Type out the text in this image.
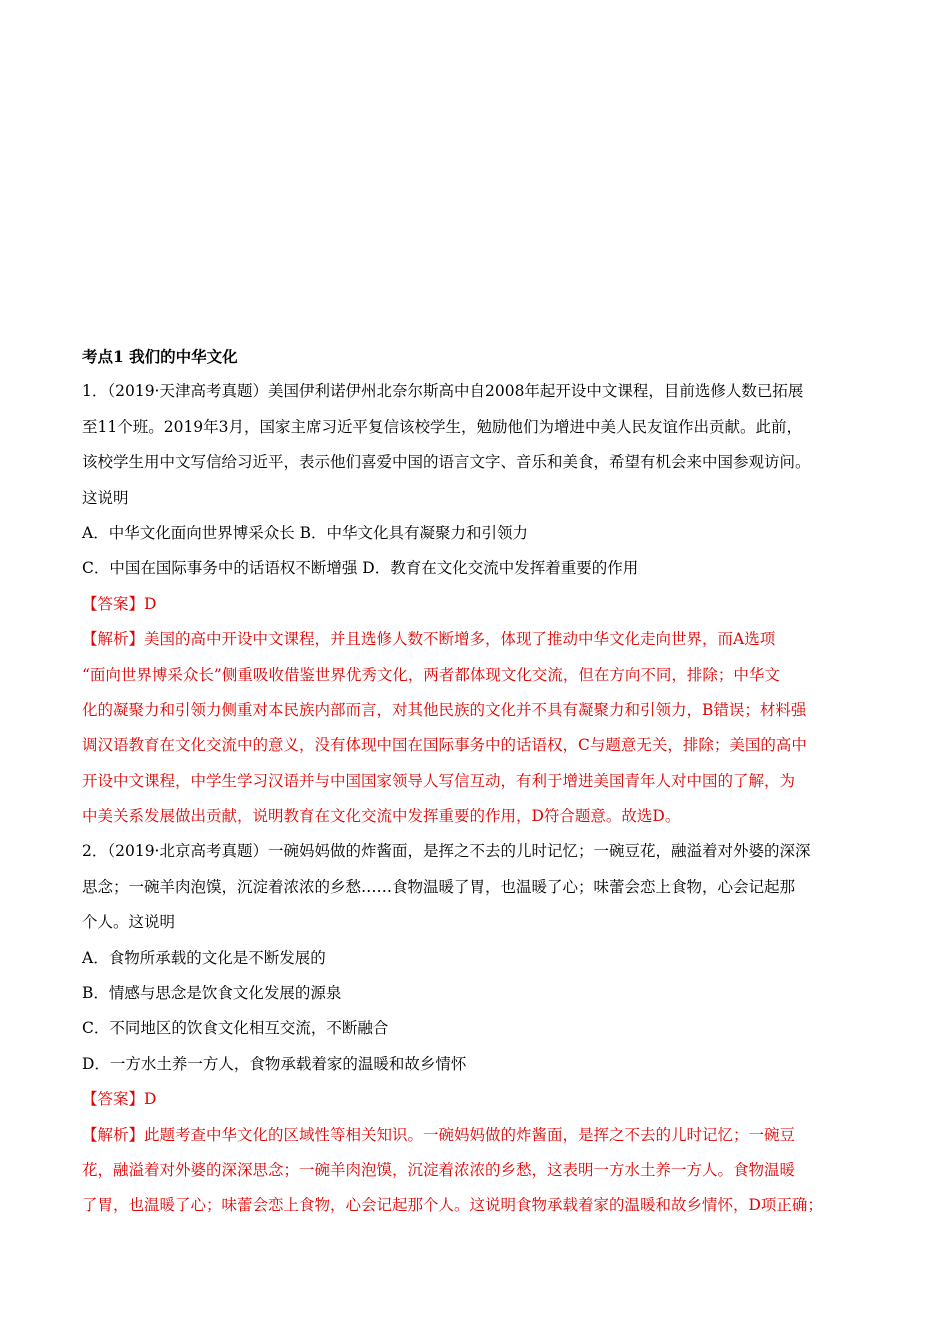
考点1 我们的中华文化
1．（2019·天津高考真题）美国伊利诺伊州北奈尔斯高中自2008年起开设中文课程，目前选修人数已拓展
至11个班。2019年3月，国家主席习近平复信该校学生，勉励他们为增进中美人民友谊作出贡献。此前，
该校学生用中文写信给习近平，表示他们喜爱中国的语言文字、音乐和美食，希望有机会来中国参观访问。
这说明
A．中华文化面向世界博采众长 B．中华文化具有凝聚力和引领力
C．中国在国际事务中的话语权不断增强 D．教育在文化交流中发挥着重要的作用
【答案】D
【解析】美国的高中开设中文课程，并且选修人数不断增多，体现了推动中华文化走向世界，而A选项
“面向世界博采众长”侧重吸收借鉴世界优秀文化，两者都体现文化交流，但在方向不同，排除；中华文
化的凝聚力和引领力侧重对本民族内部而言，对其他民族的文化并不具有凝聚力和引领力，B错误；材料强
调汉语教育在文化交流中的意义，没有体现中国在国际事务中的话语权，C与题意无关，排除；美国的高中
开设中文课程，中学生学习汉语并与中国国家领导人写信互动，有利于增进美国青年人对中国的了解，为
中美关系发展做出贡献，说明教育在文化交流中发挥重要的作用，D符合题意。故选D。
2．（2019·北京高考真题）一碗妈妈做的炸酱面，是挥之不去的儿时记忆；一碗豆花，融溢着对外婆的深深
思念；一碗羊肉泡馍，沉淀着浓浓的乡愁……食物温暖了胃，也温暖了心；味蕾会恋上食物，心会记起那
个人。这说明
A．食物所承载的文化是不断发展的
B．情感与思念是饮食文化发展的源泉
C．不同地区的饮食文化相互交流，不断融合
D．一方水土养一方人，食物承载着家的温暖和故乡情怀
【答案】D
【解析】此题考查中华文化的区域性等相关知识。一碗妈妈做的炸酱面，是挥之不去的儿时记忆；一碗豆
花，融溢着对外婆的深深思念；一碗羊肉泡馍，沉淀着浓浓的乡愁，这表明一方水土养一方人。食物温暖
了胃，也温暖了心；味蕾会恋上食物，心会记起那个人。这说明食物承载着家的温暖和故乡情怀，D项正确；
